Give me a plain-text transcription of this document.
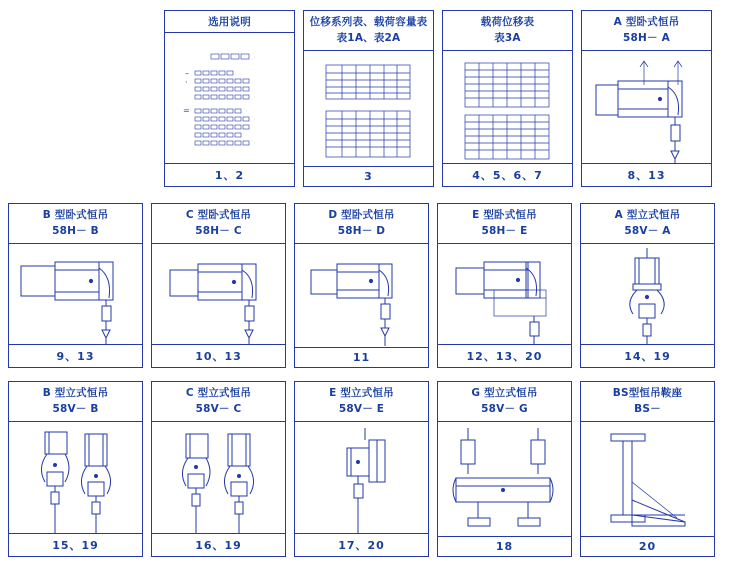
选用说明
–
·
=
1、2
位移系列表、载荷容量表
表1A、表2A
3
载荷位移表
表3A
4、5、6、7
A 型卧式恒吊
58H－ A
8、13
B 型卧式恒吊
58H－ B
9、13
C 型卧式恒吊
58H－ C
10、13
D 型卧式恒吊
58H－ D
11
E 型卧式恒吊
58H－ E
12、13、20
A 型立式恒吊
58V－ A
14、19
B 型立式恒吊
58V－ B
15、19
C 型立式恒吊
58V－ C
16、19
E 型立式恒吊
58V－ E
17、20
G 型立式恒吊
58V－ G
18
BS型恒吊鞍座
BS－
20
